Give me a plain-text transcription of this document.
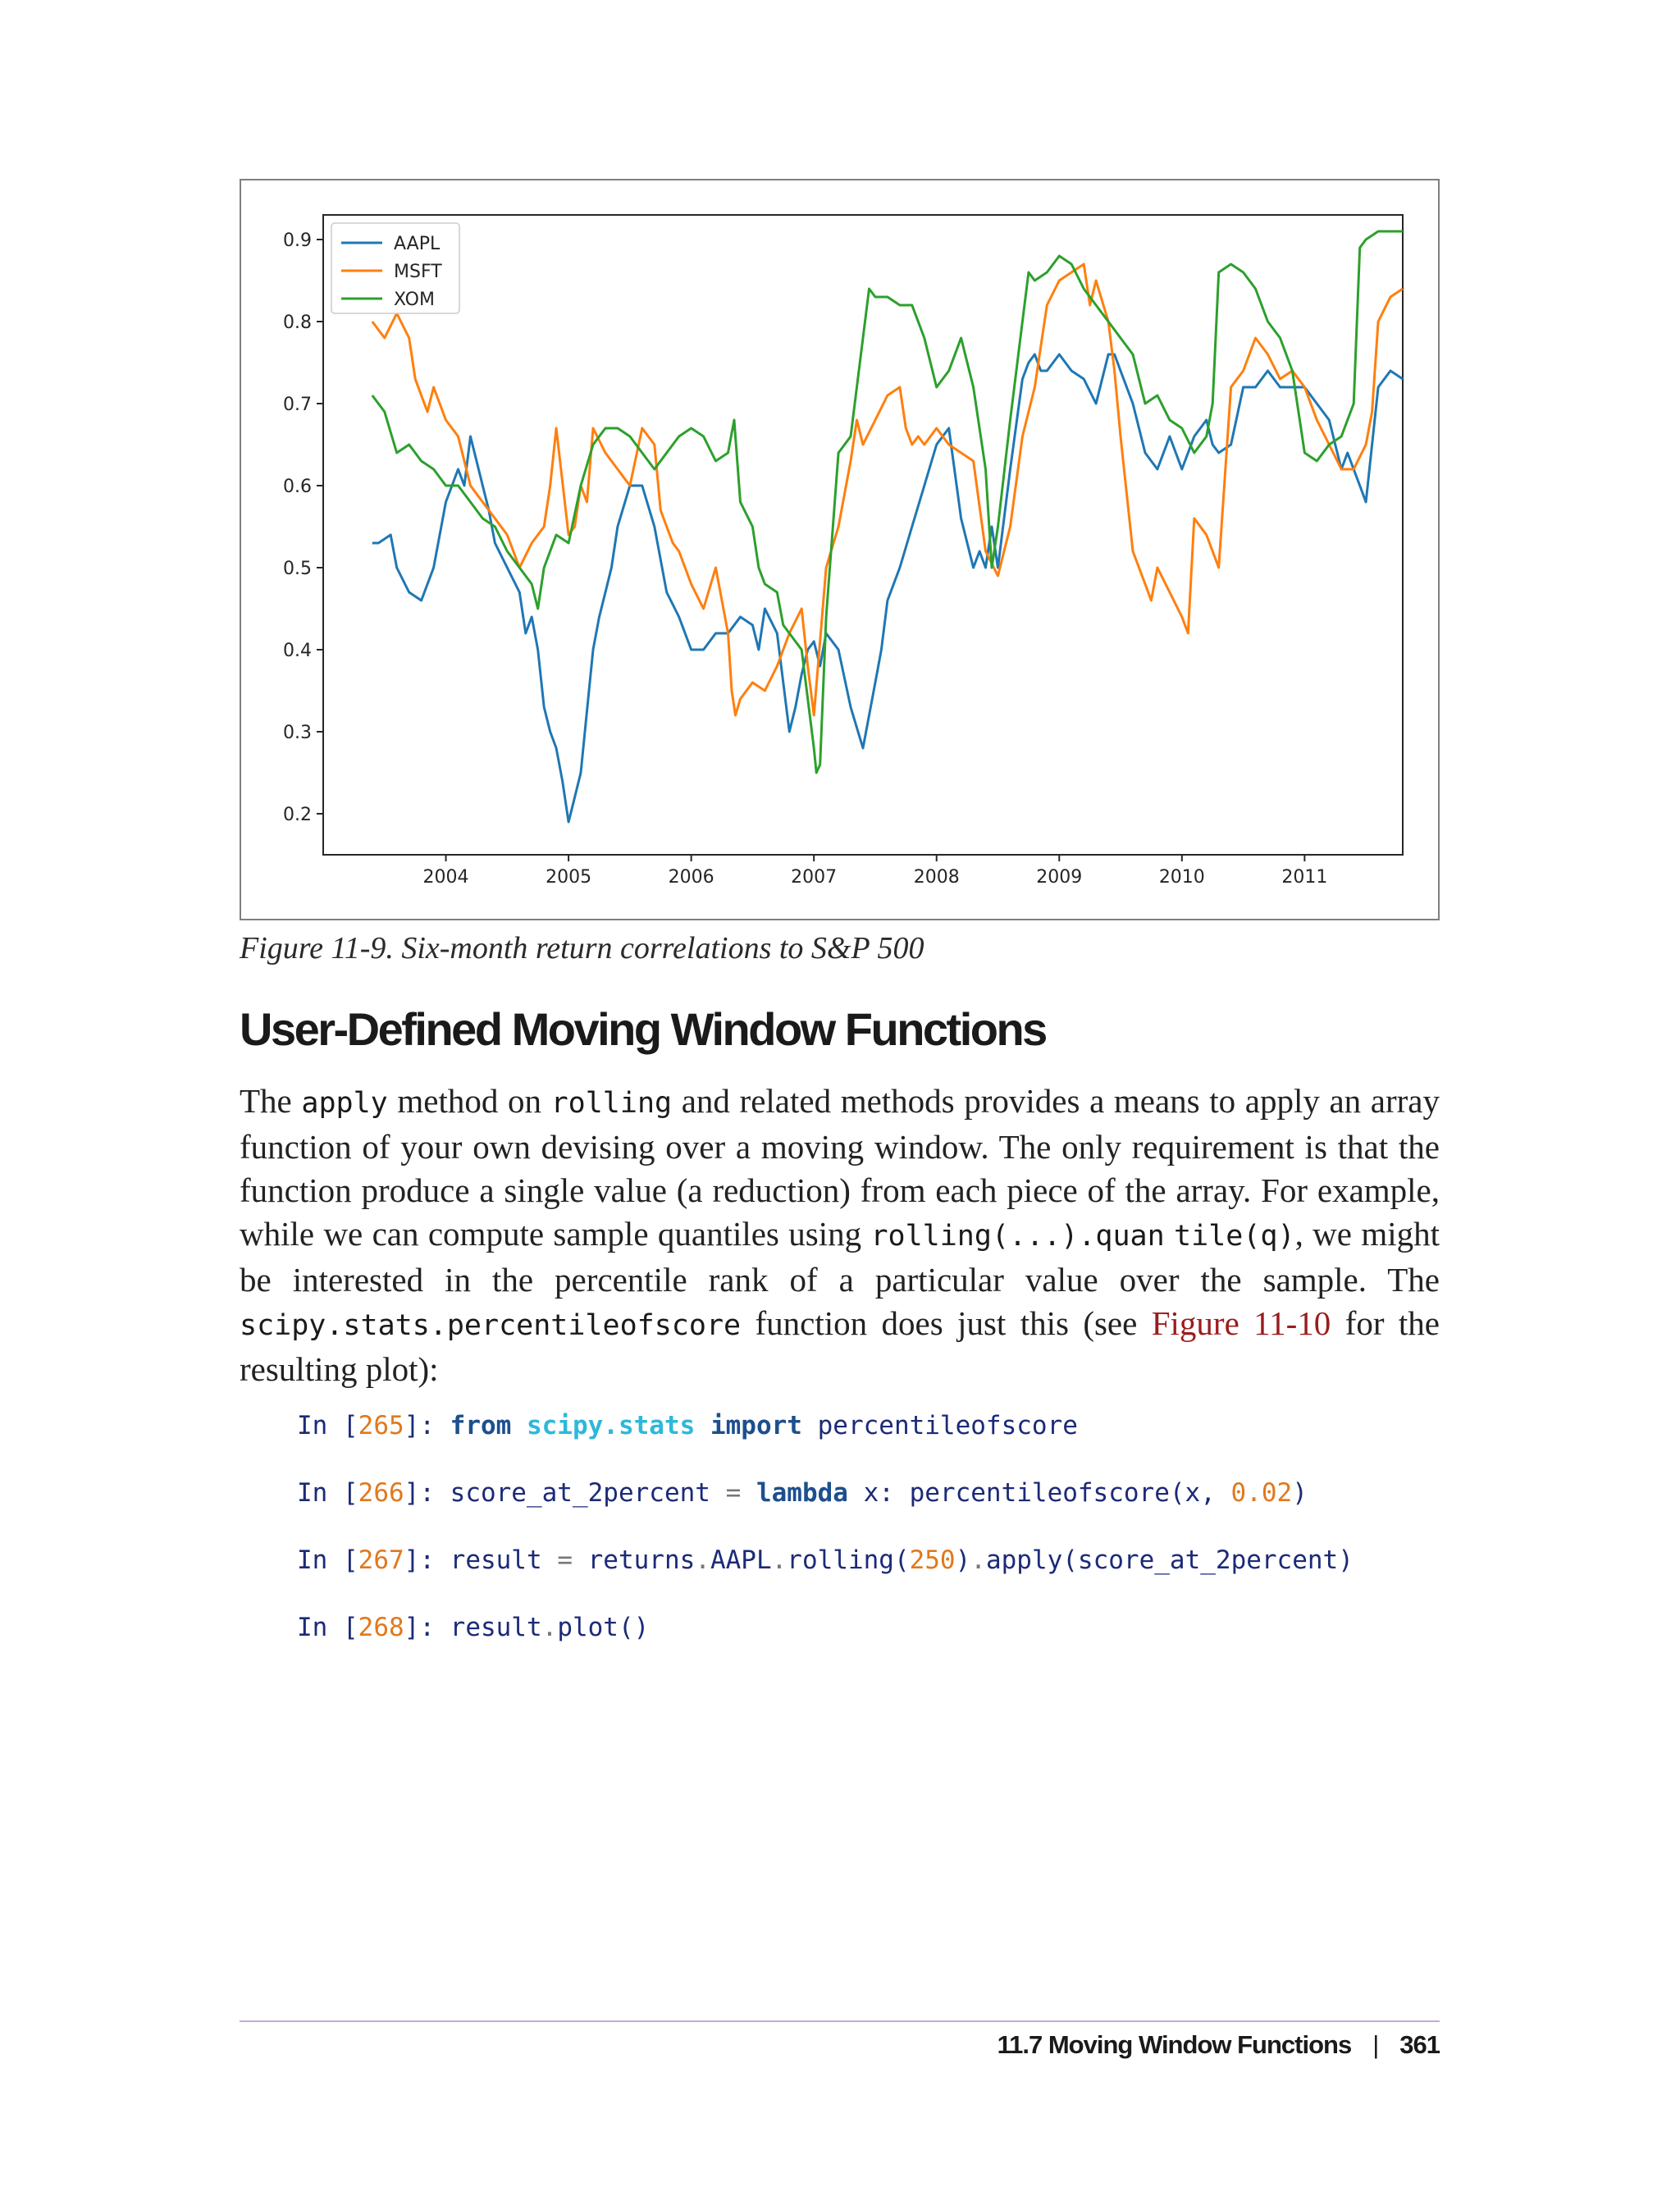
0.2
0.3
0.4
0.5
0.6
0.7
0.8
0.9
2004	2005	2006	2007	2008	2009	2010	2011
AAPL
MSFT
XOM
Figure 11-9. Six-month return correlations to S&P 500
User-Defined Moving Window Functions
The apply method on rolling and related methods provides a means to apply an array function of your own devising over a moving window. The only requirement is that the function produce a single value (a reduction) from each piece of the array. For example, while we can compute sample quantiles using rolling(...).quan tile(q), we might be interested in the percentile rank of a particular value over the sample. The scipy.stats.percentileofscore function does just this (see Figure 11-10 for the resulting plot):
In [265]: from scipy.stats import percentileofscore
In [266]: score_at_2percent = lambda x: percentileofscore(x, 0.02)
In [267]: result = returns.AAPL.rolling(250).apply(score_at_2percent)
In [268]: result.plot()
11.7 Moving Window Functions | 361
